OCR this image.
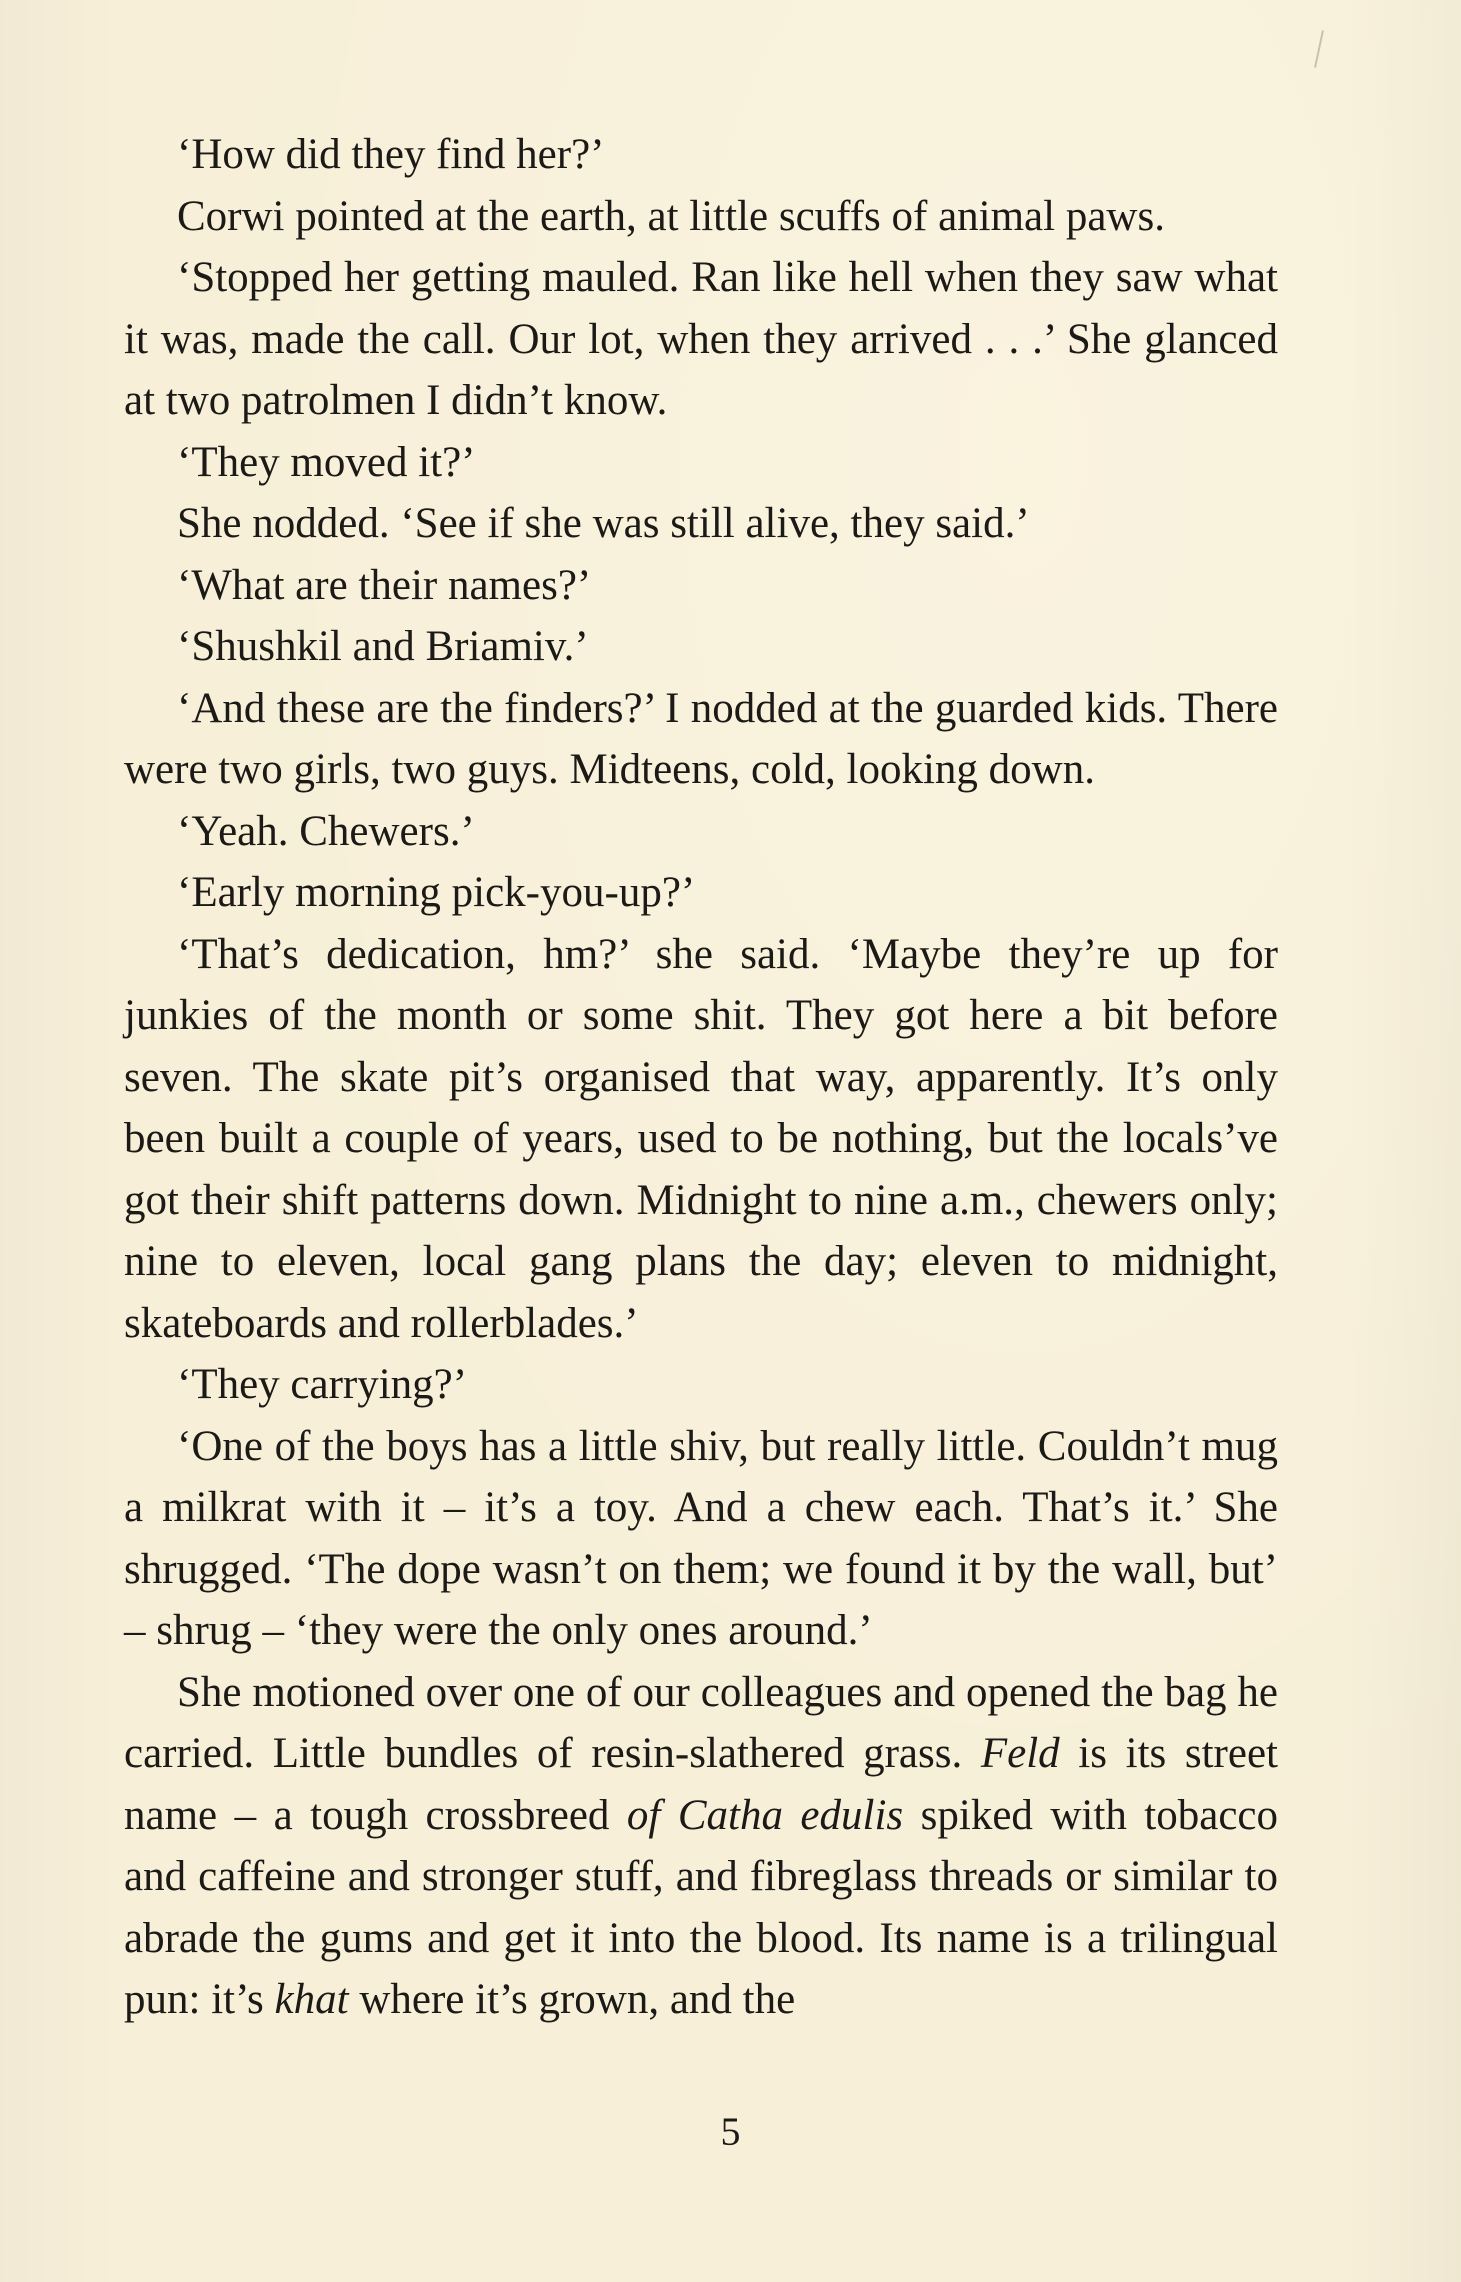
‘How did they find her?’

Corwi pointed at the earth, at little scuffs of animal paws.

‘Stopped her getting mauled. Ran like hell when they saw what it was, made the call. Our lot, when they arrived . . .’ She glanced at two patrolmen I didn’t know.

‘They moved it?’

She nodded. ‘See if she was still alive, they said.’

‘What are their names?’

‘Shushkil and Briamiv.’

‘And these are the finders?’ I nodded at the guarded kids. There were two girls, two guys. Midteens, cold, looking down.

‘Yeah. Chewers.’

‘Early morning pick-you-up?’

‘That’s dedication, hm?’ she said. ‘Maybe they’re up for junkies of the month or some shit. They got here a bit before seven. The skate pit’s organised that way, apparently. It’s only been built a couple of years, used to be nothing, but the locals’ve got their shift patterns down. Midnight to nine a.m., chewers only; nine to eleven, local gang plans the day; eleven to midnight, skateboards and rollerblades.’

‘They carrying?’

‘One of the boys has a little shiv, but really little. Couldn’t mug a milkrat with it – it’s a toy. And a chew each. That’s it.’ She shrugged. ‘The dope wasn’t on them; we found it by the wall, but’ – shrug – ‘they were the only ones around.’

She motioned over one of our colleagues and opened the bag he carried. Little bundles of resin-slathered grass. Feld is its street name – a tough crossbreed of Catha edulis spiked with tobacco and caffeine and stronger stuff, and fibreglass threads or similar to abrade the gums and get it into the blood. Its name is a trilingual pun: it’s khat where it’s grown, and the

5
